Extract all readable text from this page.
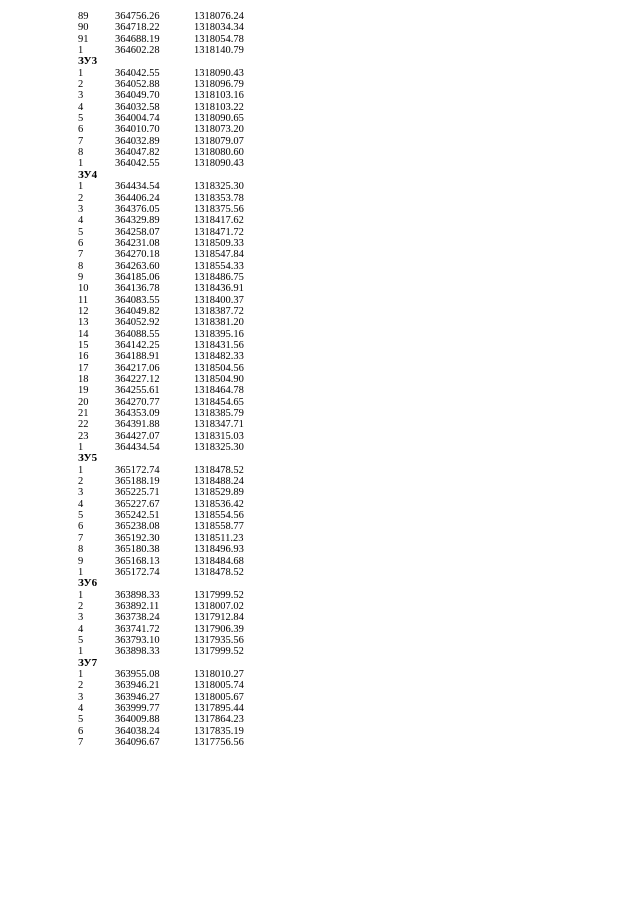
89	364756.26	1318076.24
90	364718.22	1318034.34
91	364688.19	1318054.78
1	364602.28	1318140.79
ЗУ3
1	364042.55	1318090.43
2	364052.88	1318096.79
3	364049.70	1318103.16
4	364032.58	1318103.22
5	364004.74	1318090.65
6	364010.70	1318073.20
7	364032.89	1318079.07
8	364047.82	1318080.60
1	364042.55	1318090.43
ЗУ4
1	364434.54	1318325.30
2	364406.24	1318353.78
3	364376.05	1318375.56
4	364329.89	1318417.62
5	364258.07	1318471.72
6	364231.08	1318509.33
7	364270.18	1318547.84
8	364263.60	1318554.33
9	364185.06	1318486.75
10	364136.78	1318436.91
11	364083.55	1318400.37
12	364049.82	1318387.72
13	364052.92	1318381.20
14	364088.55	1318395.16
15	364142.25	1318431.56
16	364188.91	1318482.33
17	364217.06	1318504.56
18	364227.12	1318504.90
19	364255.61	1318464.78
20	364270.77	1318454.65
21	364353.09	1318385.79
22	364391.88	1318347.71
23	364427.07	1318315.03
1	364434.54	1318325.30
ЗУ5
1	365172.74	1318478.52
2	365188.19	1318488.24
3	365225.71	1318529.89
4	365227.67	1318536.42
5	365242.51	1318554.56
6	365238.08	1318558.77
7	365192.30	1318511.23
8	365180.38	1318496.93
9	365168.13	1318484.68
1	365172.74	1318478.52
ЗУ6
1	363898.33	1317999.52
2	363892.11	1318007.02
3	363738.24	1317912.84
4	363741.72	1317906.39
5	363793.10	1317935.56
1	363898.33	1317999.52
ЗУ7
1	363955.08	1318010.27
2	363946.21	1318005.74
3	363946.27	1318005.67
4	363999.77	1317895.44
5	364009.88	1317864.23
6	364038.24	1317835.19
7	364096.67	1317756.56
